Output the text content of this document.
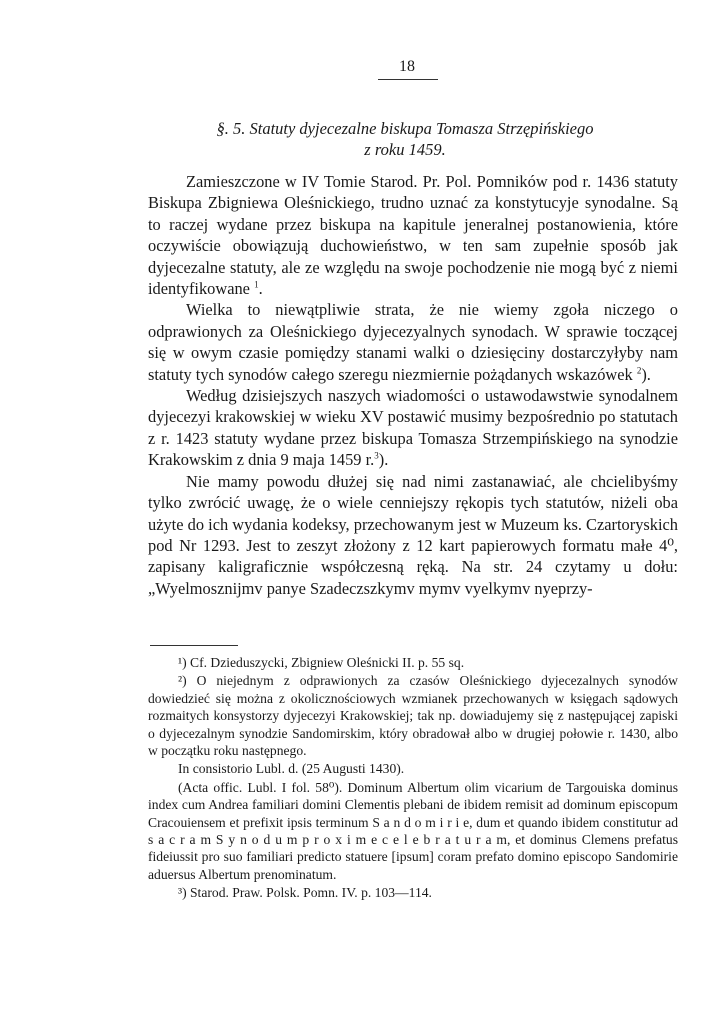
18
§. 5. Statuty dyjecezalne biskupa Tomasza Strzępińskiego
z roku 1459.

Zamieszczone w IV Tomie Starod. Pr. Pol. Pomników pod r. 1436 statuty Biskupa Zbigniewa Oleśnickiego, trudno uznać za konstytucyje synodalne. Są to raczej wydane przez biskupa na kapitule jeneralnej postanowienia, które oczywiście obowiązują duchowieństwo, w ten sam zupełnie sposób jak dyjecezalne statuty, ale ze względu na swoje pochodzenie nie mogą być z niemi identyfikowane $^1$.

Wielka to niewątpliwie strata, że nie wiemy zgoła niczego o odprawionych za Oleśnickiego dyjecezyalnych synodach. W sprawie toczącej się w owym czasie pomiędzy stanami walki o dziesięciny dostarczyłyby nam statuty tych synodów całego szeregu niezmiernie pożądanych wskazówek $^2$).

Według dzisiejszych naszych wiadomości o ustawodawstwie synodalnem dyjecezyi krakowskiej w wieku XV postawić musimy bezpośrednio po statutach z r. 1423 statuty wydane przez biskupa Tomasza Strzempińskiego na synodzie Krakowskim z dnia 9 maja 1459 r.$^3$).

Nie mamy powodu dłużej się nad nimi zastanawiać, ale chcielibyśmy tylko zwrócić uwagę, że o wiele cenniejszy rękopis tych statutów, niżeli oba użyte do ich wydania kodeksy, przechowanym jest w Muzeum ks. Czartoryskich pod Nr 1293. Jest to zeszyt złożony z 12 kart papierowych formatu małe 4⁰, zapisany kaligraficznie współczesną ręką. Na str. 24 czytamy u dołu: „Wyelmosznijmv panye Szadeczszkymv mymv vyelkymv nyeprzy-

¹) Cf. Dzieduszycki, Zbigniew Oleśnicki II. p. 55 sq.

²) O niejednym z odprawionych za czasów Oleśnickiego dyjecezalnych synodów dowiedzieć się można z okolicznościowych wzmianek przechowanych w księgach sądowych rozmaitych konsystorzy dyjecezyi Krakowskiej; tak np. dowiadujemy się z następującej zapiski o dyjecezalnym synodzie Sandomirskim, który obradował albo w drugiej połowie r. 1430, albo w początku roku następnego.

In consistorio Lubl. d. (25 Augusti 1430).

(Acta offic. Lubl. I fol. 58⁰). Dominum Albertum olim vicarium de Targouiska dominus index cum Andrea familiari domini Clementis plebani de ibidem remisit ad dominum episcopum Cracouiensem et prefixit ipsis terminum S a n d o m i r i e, dum et quando ibidem constitutur ad s a c r a m S y n o d u m p r o x i m e c e l e b r a t u r a m, et dominus Clemens prefatus fideiussit pro suo familiari predicto statuere [ipsum] coram prefato domino episcopo Sandomirie aduersus Albertum prenominatum.

³) Starod. Praw. Polsk. Pomn. IV. p. 103—114.
